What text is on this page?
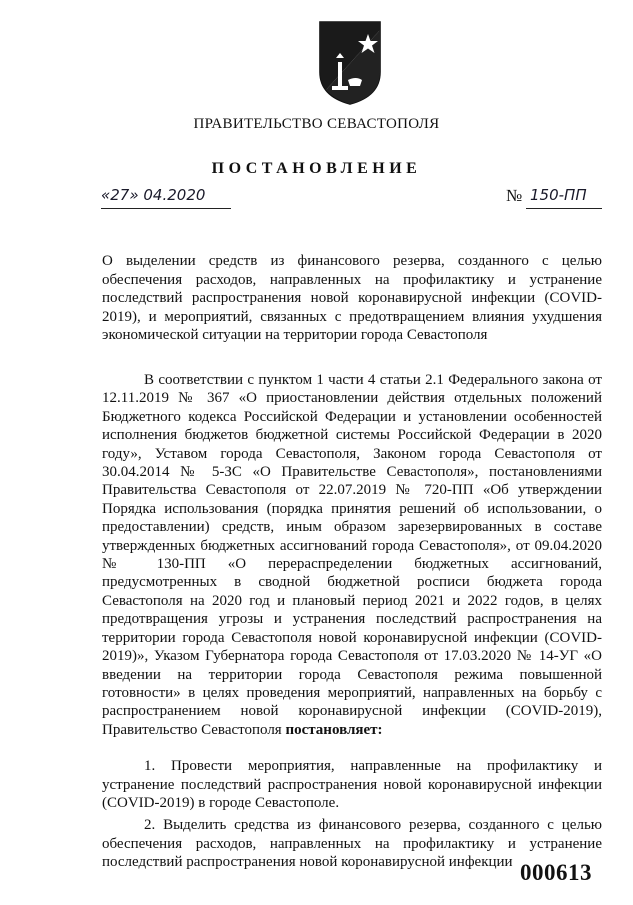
ПРАВИТЕЛЬСТВО СЕВАСТОПОЛЯ
ПОСТАНОВЛЕНИЕ
«27» 04.2020	№ 150-ПП
О выделении средств из финансового резерва, созданного с целью обеспечения расходов, направленных на профилактику и устранение последствий распространения новой коронавирусной инфекции (COVID-2019), и мероприятий, связанных с предотвращением влияния ухудшения экономической ситуации на территории города Севастополя

В соответствии с пунктом 1 части 4 статьи 2.1 Федерального закона от 12.11.2019 № 367 «О приостановлении действия отдельных положений Бюджетного кодекса Российской Федерации и установлении особенностей исполнения бюджетов бюджетной системы Российской Федерации в 2020 году», Уставом города Севастополя, Законом города Севастополя от 30.04.2014 № 5-ЗС «О Правительстве Севастополя», постановлениями Правительства Севастополя от 22.07.2019 № 720-ПП «Об утверждении Порядка использования (порядка принятия решений об использовании, о предоставлении) средств, иным образом зарезервированных в составе утвержденных бюджетных ассигнований города Севастополя», от 09.04.2020 № 130-ПП «О перераспределении бюджетных ассигнований, предусмотренных в сводной бюджетной росписи бюджета города Севастополя на 2020 год и плановый период 2021 и 2022 годов, в целях предотвращения угрозы и устранения последствий распространения на территории города Севастополя новой коронавирусной инфекции (COVID-2019)», Указом Губернатора города Севастополя от 17.03.2020 № 14-УГ «О введении на территории города Севастополя режима повышенной готовности» в целях проведения мероприятий, направленных на борьбу с распространением новой коронавирусной инфекции (COVID-2019), Правительство Севастополя постановляет:

1. Провести мероприятия, направленные на профилактику и устранение последствий распространения новой коронавирусной инфекции (COVID-2019) в городе Севастополе.

2. Выделить средства из финансового резерва, созданного с целью обеспечения расходов, направленных на профилактику и устранение последствий распространения новой коронавирусной инфекции 000613
